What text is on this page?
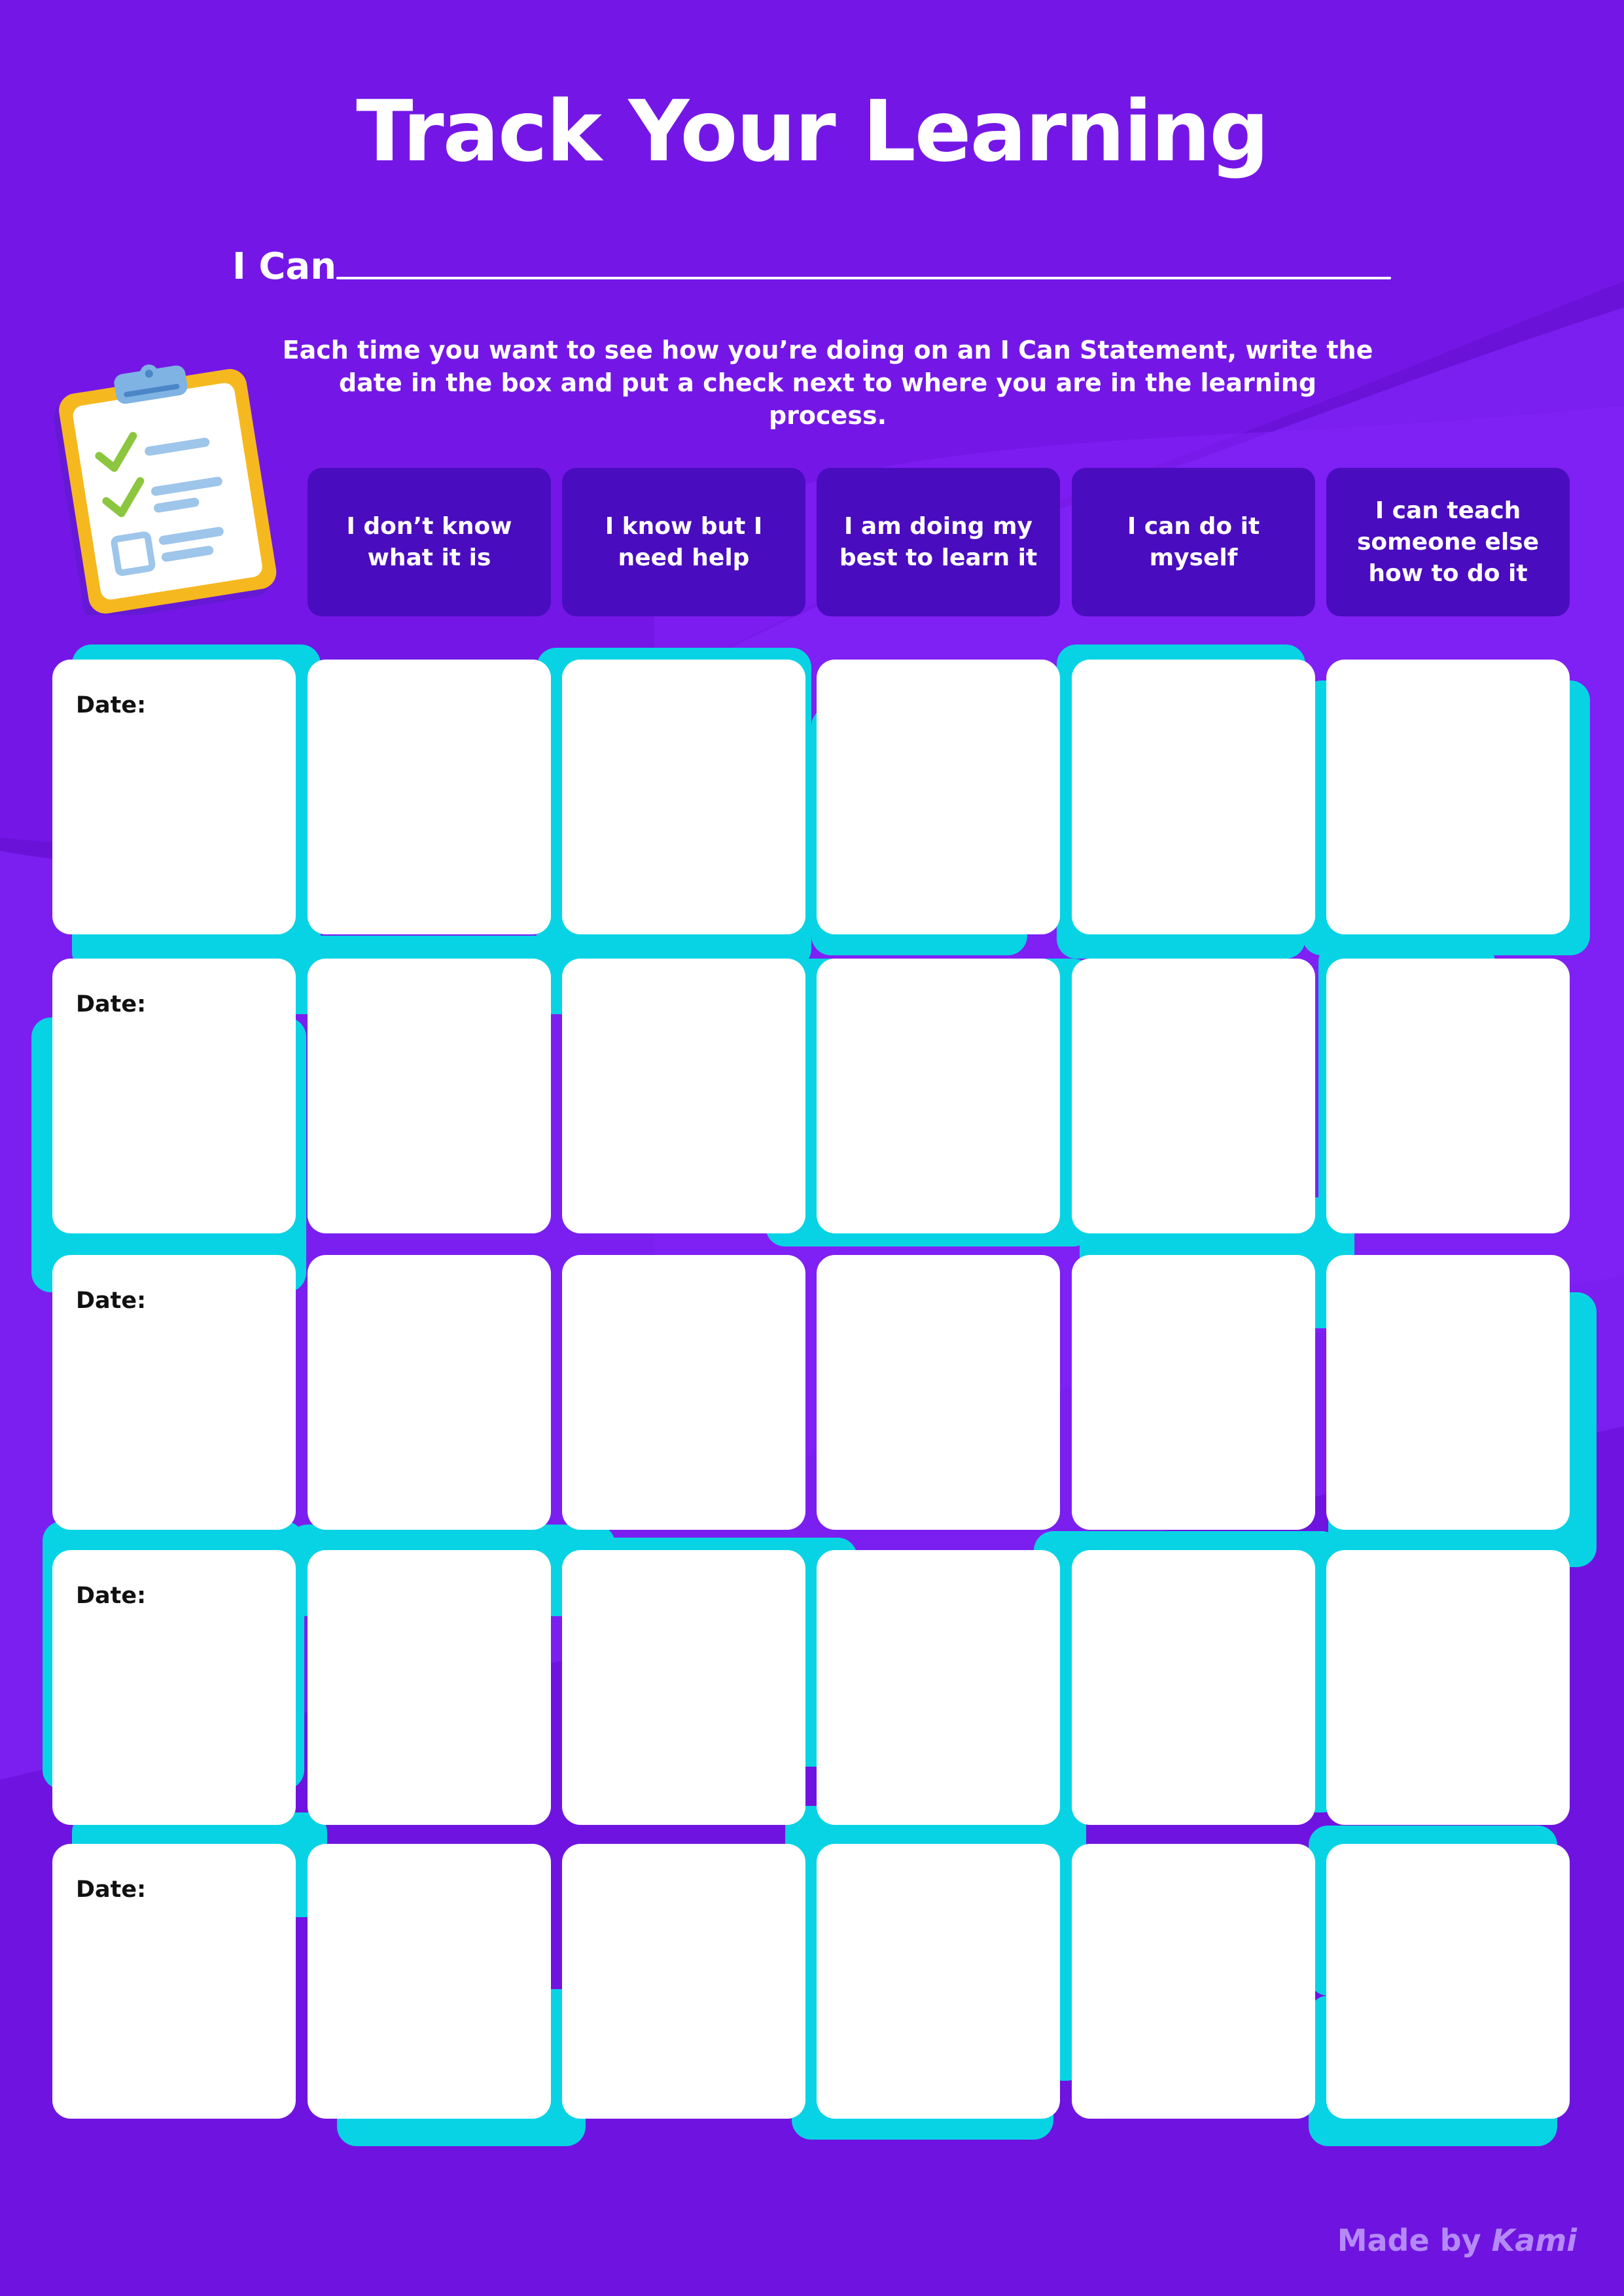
Track Your Learning
I Can
Each time you want to see how you’re doing on an I Can Statement, write the date in the box and put a check next to where you are in the learning process.
I don’t know what it is
I know but I need help
I am doing my best to learn it
I can do it myself
I can teach someone else how to do it
Date:
Date:
Date:
Date:
Date:
Made by Kami
